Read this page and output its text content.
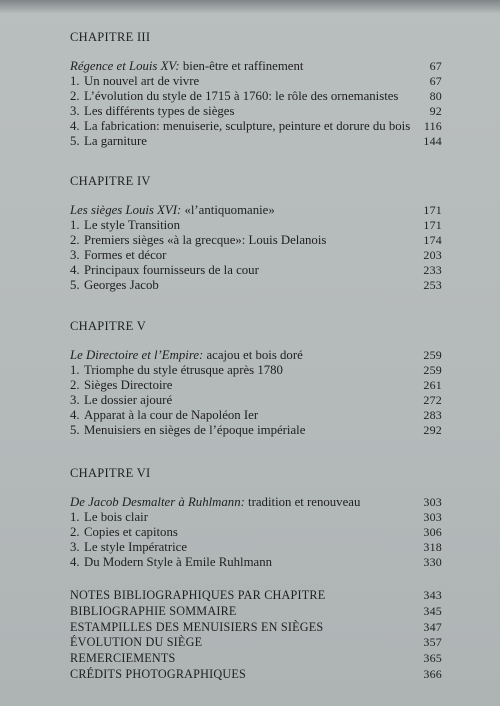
CHAPITRE III
Régence et Louis XV: bien-être et raffinement	67
1. Un nouvel art de vivre	67
2. L’évolution du style de 1715 à 1760: le rôle des ornemanistes	80
3. Les différents types de sièges	92
4. La fabrication: menuiserie, sculpture, peinture et dorure du bois 116
5. La garniture	144
CHAPITRE IV
Les sièges Louis XVI: «l’antiquomanie»	171
1. Le style Transition	171
2. Premiers sièges «à la grecque»: Louis Delanois	174
3. Formes et décor	203
4. Principaux fournisseurs de la cour	233
5. Georges Jacob	253
CHAPITRE V
Le Directoire et l’Empire: acajou et bois doré	259
1. Triomphe du style étrusque après 1780	259
2. Sièges Directoire	261
3. Le dossier ajouré	272
4. Apparat à la cour de Napoléon Ier	283
5. Menuisiers en sièges de l’époque impériale	292
CHAPITRE VI
De Jacob Desmalter à Ruhlmann: tradition et renouveau	303
1. Le bois clair	303
2. Copies et capitons	306
3. Le style Impératrice	318
4. Du Modern Style à Emile Ruhlmann	330
NOTES BIBLIOGRAPHIQUES PAR CHAPITRE	343
BIBLIOGRAPHIE SOMMAIRE	345
ESTAMPILLES DES MENUISIERS EN SIÈGES	347
ÉVOLUTION DU SIÈGE	357
REMERCIEMENTS	365
CRÉDITS PHOTOGRAPHIQUES	366
